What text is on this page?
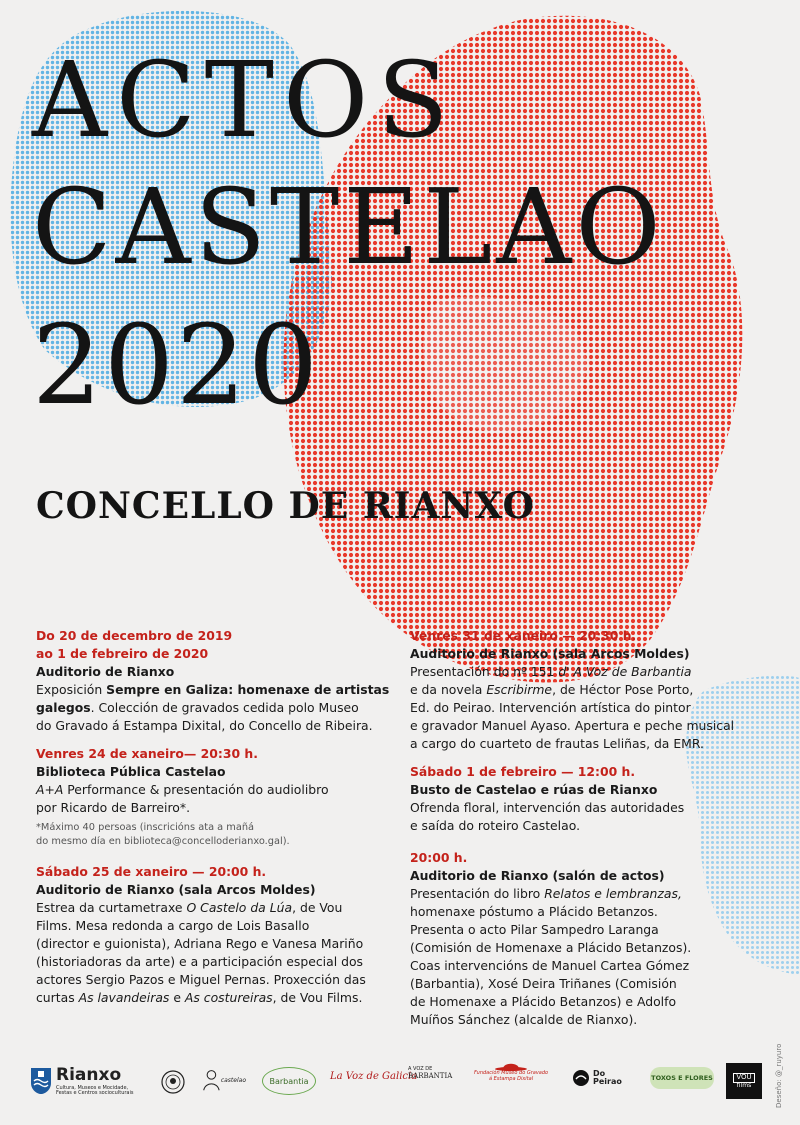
ACTOS
CASTELAO
2020
CONCELLO DE RIANXO
Do 20 de decembro de 2019
ao 1 de febreiro de 2020
Auditorio de Rianxo
Exposición Sempre en Galiza: homenaxe de artistas
galegos. Colección de gravados cedida polo Museo
do Gravado á Estampa Dixital, do Concello de Ribeira.
Venres 24 de xaneiro— 20:30 h.
Biblioteca Pública Castelao
A+A Performance & presentación do audiolibro
por Ricardo de Barreiro*.
*Máximo 40 persoas (inscricións ata a mañá
do mesmo día en biblioteca@concelloderianxo.gal).
Sábado 25 de xaneiro — 20:00 h.
Auditorio de Rianxo (sala Arcos Moldes)
Estrea da curtametraxe O Castelo da Lúa, de Vou
Films. Mesa redonda a cargo de Lois Basallo
(director e guionista), Adriana Rego e Vanesa Mariño
(historiadoras da arte) e a participación especial dos
actores Sergio Pazos e Miguel Pernas. Proxección das
curtas As lavandeiras e As costureiras, de Vou Films.
Venres 31 de xaneiro — 20:30 h.
Auditorio de Rianxo (sala Arcos Moldes)
Presentación do nº 151 d' A Voz de Barbantia
e da novela Escribirme, de Héctor Pose Porto,
Ed. do Peirao. Intervención artística do pintor
e gravador Manuel Ayaso. Apertura e peche musical
a cargo do cuarteto de frautas Leliñas, da EMR.
Sábado 1 de febreiro — 12:00 h.
Busto de Castelao e rúas de Rianxo
Ofrenda floral, intervención das autoridades
e saída do roteiro Castelao.
20:00 h.
Auditorio de Rianxo (salón de actos)
Presentación do libro Relatos e lembranzas,
homenaxe póstumo a Plácido Betanzos.
Presenta o acto Pilar Sampedro Laranga
(Comisión de Homenaxe a Plácido Betanzos).
Coas intervencións de Manuel Cartea Gómez
(Barbantia), Xosé Deira Triñanes (Comisión
de Homenaxe a Plácido Betanzos) e Adolfo
Muíños Sánchez (alcalde de Rianxo).
Rianxo
Cultura, Museos e Mocidade,
Festas e Centros socioculturais
castelao	Barbantia La Voz de Galicia
A VOZ DE
BARBANTIA	Fundación Museo do Gravado
á Estampa Dixital
Do
Peirao	TOXOS E FLORES	VOU
films	Deseño: @_ruyuro
